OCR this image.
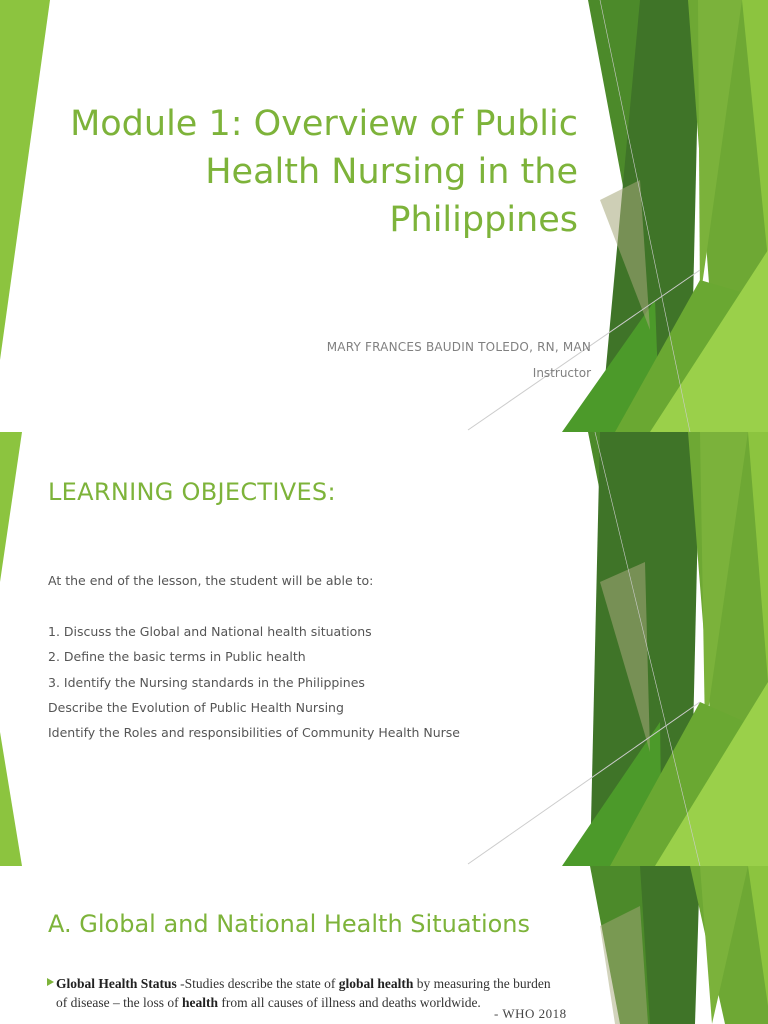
Module 1: Overview of Public Health Nursing in the Philippines
MARY FRANCES BAUDIN TOLEDO, RN, MAN
Instructor
LEARNING OBJECTIVES:
At the end of the lesson, the student will be able to:
1. Discuss the Global and National health situations
2. Define the basic terms in Public health
3. Identify the Nursing standards in the Philippines
Describe the Evolution of Public Health Nursing
Identify the Roles and responsibilities of Community Health Nurse
A. Global and National Health Situations
Global Health Status -Studies describe the state of global health by measuring the burden of disease – the loss of health from all causes of illness and deaths worldwide.
- WHO 2018
